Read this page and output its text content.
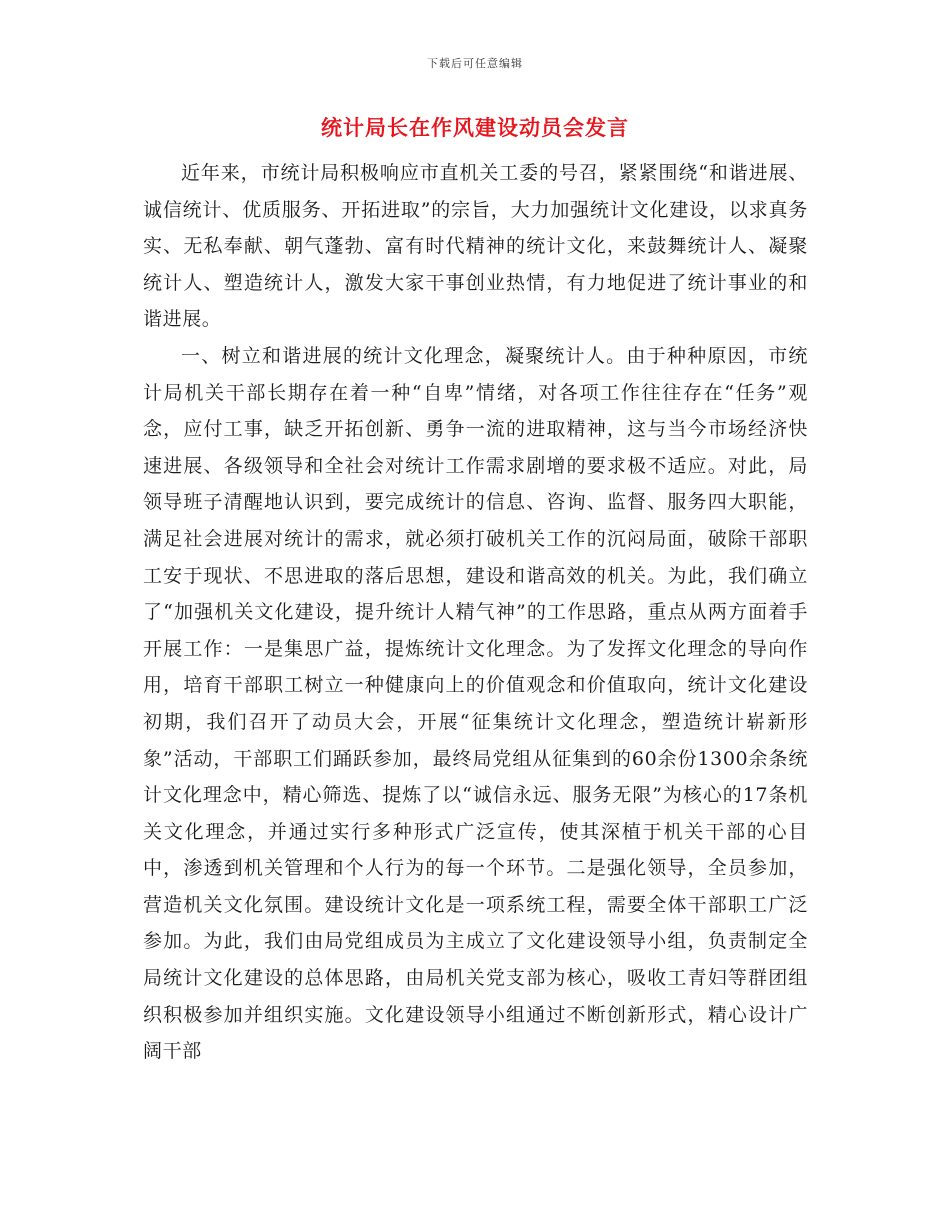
下载后可任意编辑
统计局长在作风建设动员会发言

近年来，市统计局积极响应市直机关工委的号召，紧紧围绕“和谐进展、诚信统计、优质服务、开拓进取”的宗旨，大力加强统计文化建设，以求真务实、无私奉献、朝气蓬勃、富有时代精神的统计文化，来鼓舞统计人、凝聚统计人、塑造统计人，激发大家干事创业热情，有力地促进了统计事业的和谐进展。

一、树立和谐进展的统计文化理念，凝聚统计人。由于种种原因，市统计局机关干部长期存在着一种“自卑”情绪，对各项工作往往存在“任务”观念，应付工事，缺乏开拓创新、勇争一流的进取精神，这与当今市场经济快速进展、各级领导和全社会对统计工作需求剧增的要求极不适应。对此，局领导班子清醒地认识到，要完成统计的信息、咨询、监督、服务四大职能，满足社会进展对统计的需求，就必须打破机关工作的沉闷局面，破除干部职工安于现状、不思进取的落后思想，建设和谐高效的机关。为此，我们确立了“加强机关文化建设，提升统计人精气神”的工作思路，重点从两方面着手开展工作：一是集思广益，提炼统计文化理念。为了发挥文化理念的导向作用，培育干部职工树立一种健康向上的价值观念和价值取向，统计文化建设初期，我们召开了动员大会，开展“征集统计文化理念，塑造统计崭新形象”活动，干部职工们踊跃参加，最终局党组从征集到的60余份1300余条统计文化理念中，精心筛选、提炼了以“诚信永远、服务无限”为核心的17条机关文化理念，并通过实行多种形式广泛宣传，使其深植于机关干部的心目中，渗透到机关管理和个人行为的每一个环节。二是强化领导，全员参加，营造机关文化氛围。建设统计文化是一项系统工程，需要全体干部职工广泛参加。为此，我们由局党组成员为主成立了文化建设领导小组，负责制定全局统计文化建设的总体思路，由局机关党支部为核心，吸收工青妇等群团组织积极参加并组织实施。文化建设领导小组通过不断创新形式，精心设计广阔干部
